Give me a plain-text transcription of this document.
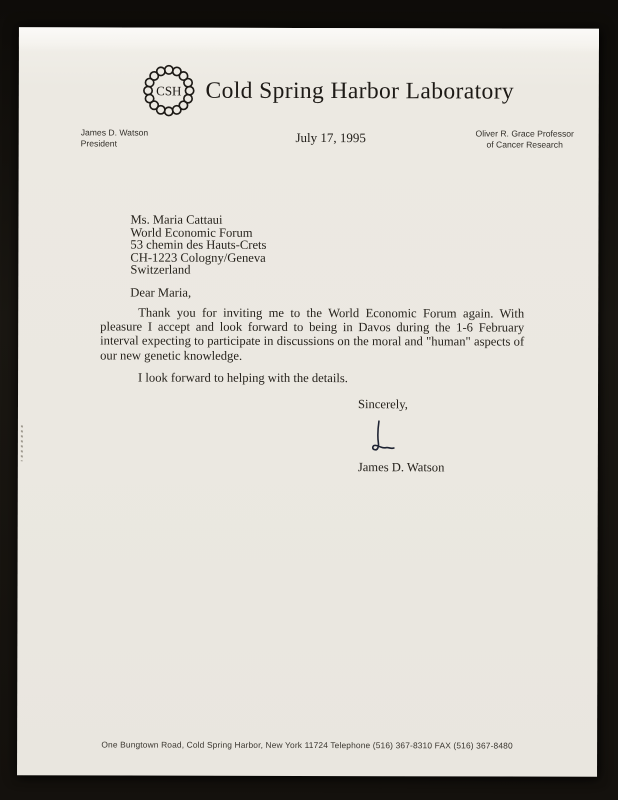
CSH Cold Spring Harbor Laboratory
James D. Watson
President	July 17, 1995	Oliver R. Grace Professor
of Cancer Research
Ms. Maria Cattaui
World Economic Forum
53 chemin des Hauts-Crets
CH-1223 Cologny/Geneva
Switzerland
Dear Maria,
Thank you for inviting me to the World Economic Forum again. With pleasure I accept and look forward to being in Davos during the 1-6 February interval expecting to participate in discussions on the moral and "human" aspects of our new genetic knowledge.
I look forward to helping with the details.
Sincerely,
James D. Watson
One Bungtown Road, Cold Spring Harbor, New York 11724 Telephone (516) 367-8310 FAX (516) 367-8480
